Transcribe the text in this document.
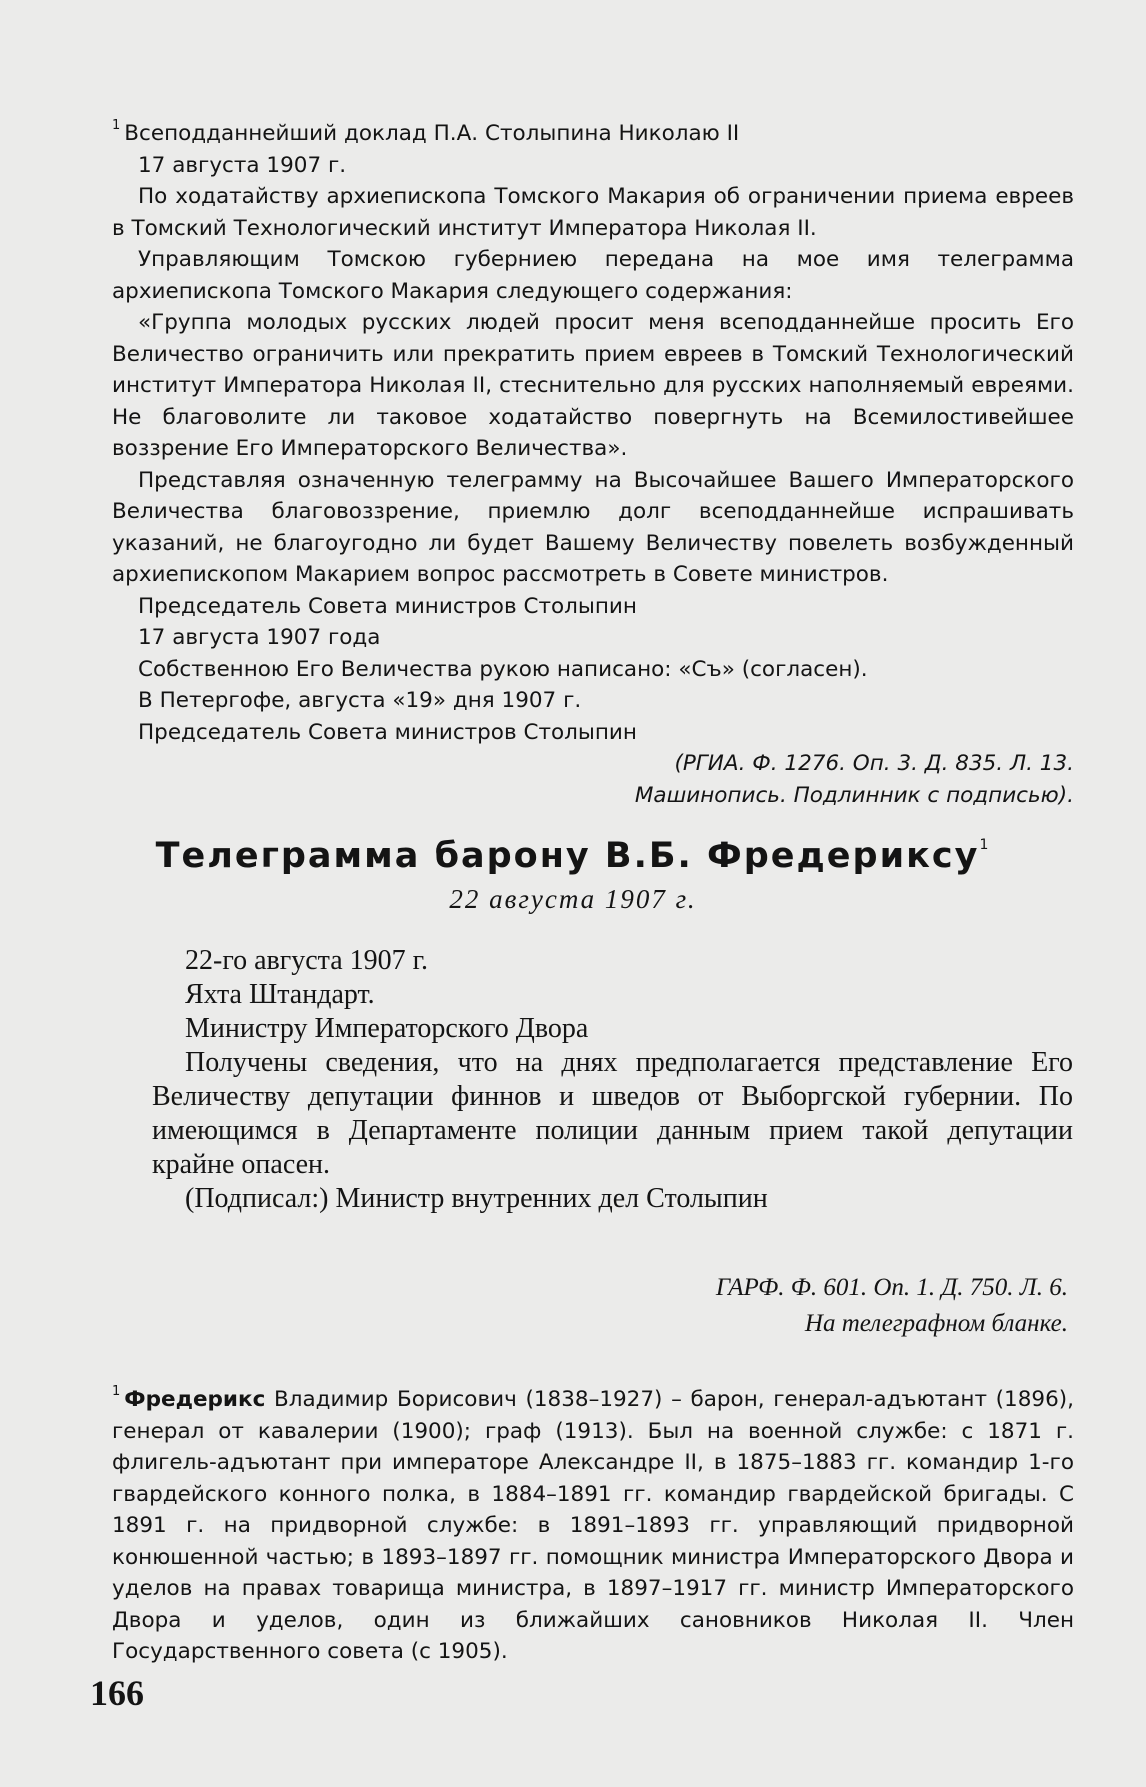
$^1$ Всеподданнейший доклад П.А. Столыпина Николаю II

17 августа 1907 г.

По ходатайству архиепископа Томского Макария об ограничении приема евреев в Томский Технологический институт Императора Николая II.

Управляющим Томскою губерниею передана на мое имя телеграмма архиепископа Томского Макария следующего содержания:

«Группа молодых русских людей просит меня всеподданнейше просить Его Величество ограничить или прекратить прием евреев в Томский Технологический институт Императора Николая II, стеснительно для русских наполняемый евреями. Не благоволите ли таковое ходатайство повергнуть на Всемилостивейшее воззрение Его Императорского Величества».

Представляя означенную телеграмму на Высочайшее Вашего Императорского Величества благовоззрение, приемлю долг всеподданнейше испрашивать указаний, не благоугодно ли будет Вашему Величеству повелеть возбужденный архиепископом Макарием вопрос рассмотреть в Совете министров.

Председатель Совета министров Столыпин

17 августа 1907 года

Собственною Его Величества рукою написано: «Съ» (согласен).

В Петергофе, августа «19» дня 1907 г.

Председатель Совета министров Столыпин

(РГИА. Ф. 1276. Оп. 3. Д. 835. Л. 13.

Машинопись. Подлинник с подписью).

Телеграмма барону В.Б. Фредериксу$^1$
22 августа 1907 г.

22-го августа 1907 г.

Яхта Штандарт.

Министру Императорского Двора

Получены сведения, что на днях предполагается представление Его Величеству депутации финнов и шведов от Выборгской губернии. По имеющимся в Департаменте полиции данным прием такой депутации крайне опасен.

(Подписал:) Министр внутренних дел Столыпин

ГАРФ. Ф. 601. Оп. 1. Д. 750. Л. 6.
На телеграфном бланке.
$^1$ Фредерикс Владимир Борисович (1838–1927) – барон, генерал-адъютант (1896), генерал от кавалерии (1900); граф (1913). Был на военной службе: с 1871 г. флигель-адъютант при императоре Александре II, в 1875–1883 гг. командир 1-го гвардейского конного полка, в 1884–1891 гг. командир гвардейской бригады. С 1891 г. на придворной службе: в 1891–1893 гг. управляющий придворной конюшенной частью; в 1893–1897 гг. помощник министра Императорского Двора и уделов на правах товарища министра, в 1897–1917 гг. министр Императорского Двора и уделов, один из ближайших сановников Николая II. Член Государственного совета (с 1905).
166
